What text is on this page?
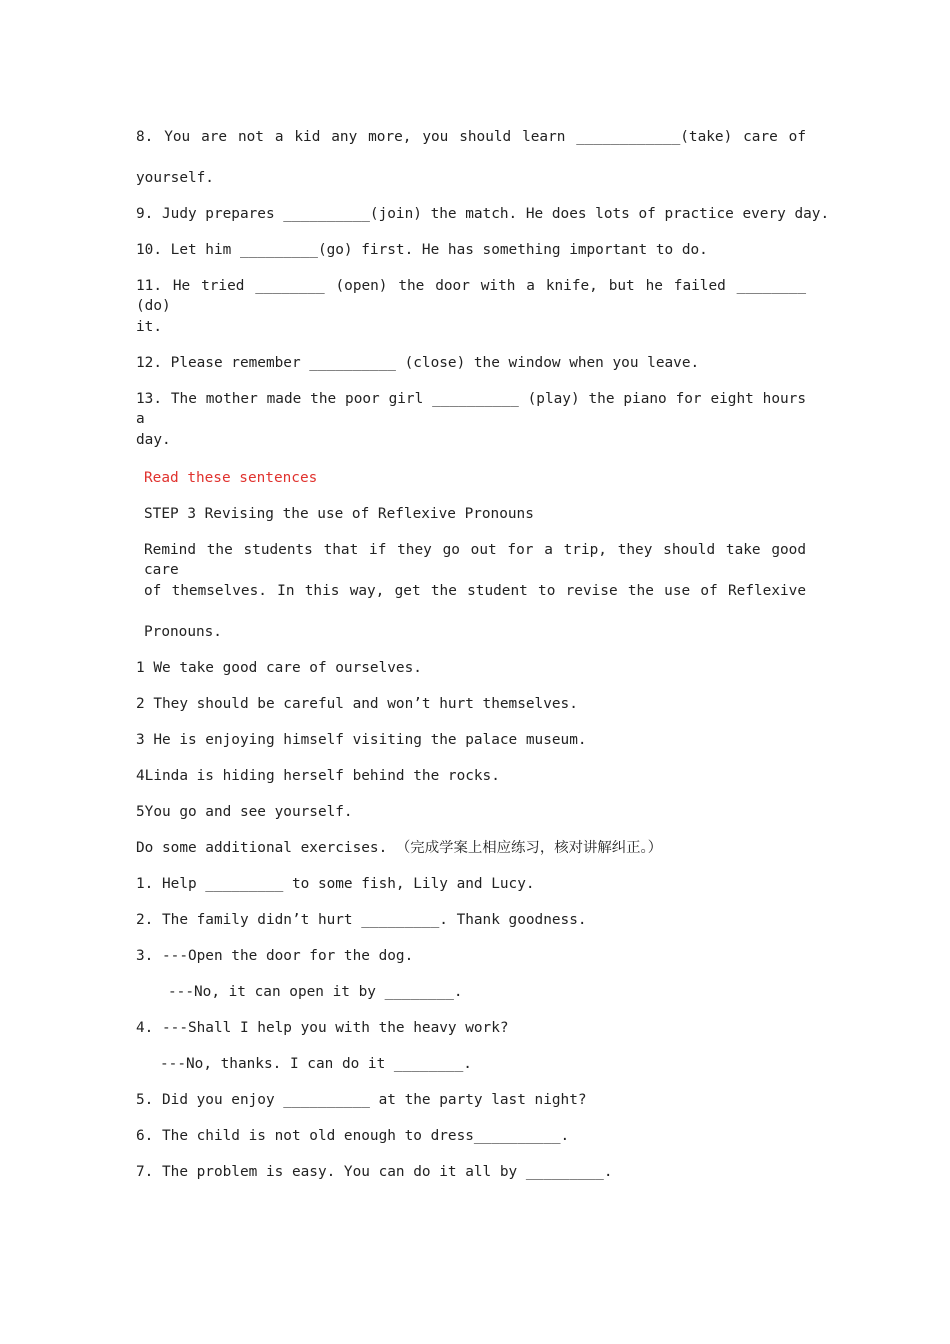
8. You are not a kid any more, you should learn ____________(take) care of
yourself.
9. Judy prepares __________(join) the match. He does lots of practice every day.
10. Let him _________(go) first. He has something important to do.
11. He tried ________ (open) the door with a knife, but he failed ________ (do)
it.
12. Please remember __________ (close) the window when you leave.
13. The mother made the poor girl __________ (play) the piano for eight hours a
day.
Read these sentences
STEP 3 Revising the use of Reflexive Pronouns
Remind the students that if they go out for a trip, they should take good care
of themselves. In this way, get the student to revise the use of Reflexive
Pronouns.
1 We take good care of ourselves.
2 They should be careful and won’t hurt themselves.
3 He is enjoying himself visiting the palace museum.
4Linda is hiding herself behind the rocks.
5You go and see yourself.
Do some additional exercises. （完成学案上相应练习，核对讲解纠正。）
1. Help _________ to some fish, Lily and Lucy.
2. The family didn’t hurt _________. Thank goodness.
3. ---Open the door for the dog.
---No, it can open it by ________.
4. ---Shall I help you with the heavy work?
---No, thanks. I can do it ________.
5. Did you enjoy __________ at the party last night?
6. The child is not old enough to dress__________.
7. The problem is easy. You can do it all by _________.
